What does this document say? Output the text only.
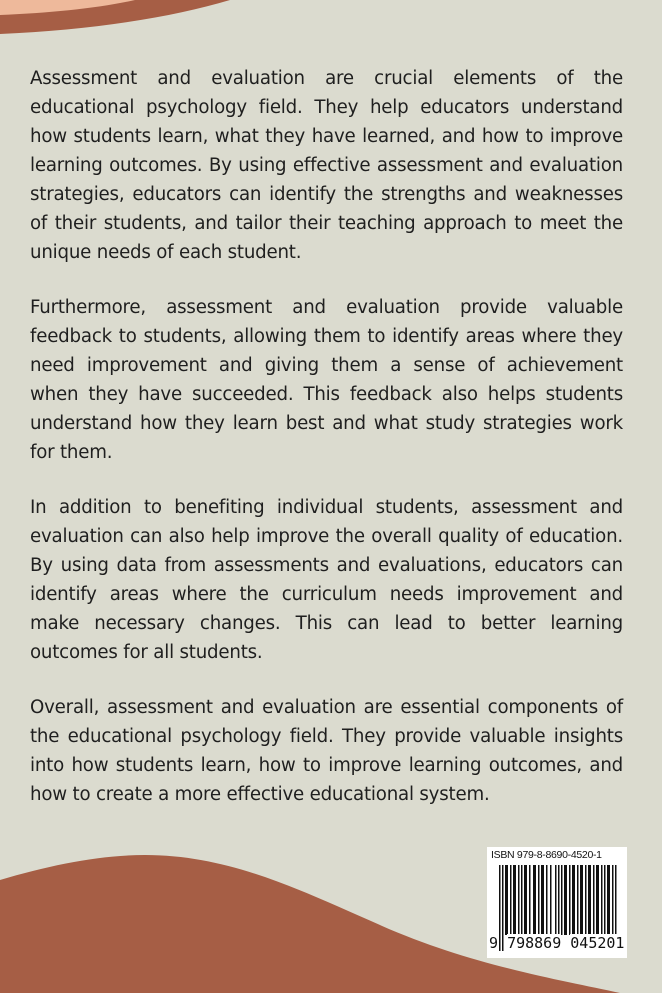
Assessment and evaluation are crucial elements of the educational psychology field. They help educators understand how students learn, what they have learned, and how to improve learning outcomes. By using effective assessment and evaluation strategies, educators can identify the strengths and weaknesses of their students, and tailor their teaching approach to meet the unique needs of each student.

Furthermore, assessment and evaluation provide valuable feedback to students, allowing them to identify areas where they need improvement and giving them a sense of achievement when they have succeeded. This feedback also helps students understand how they learn best and what study strategies work for them.

In addition to benefiting individual students, assessment and evaluation can also help improve the overall quality of education. By using data from assessments and evaluations, educators can identify areas where the curriculum needs improvement and make necessary changes. This can lead to better learning outcomes for all students.

Overall, assessment and evaluation are essential components of the educational psychology field. They provide valuable insights into how students learn, how to improve learning outcomes, and how to create a more effective educational system.

ISBN 979-8-8690-4520-1
9 798869 045201
